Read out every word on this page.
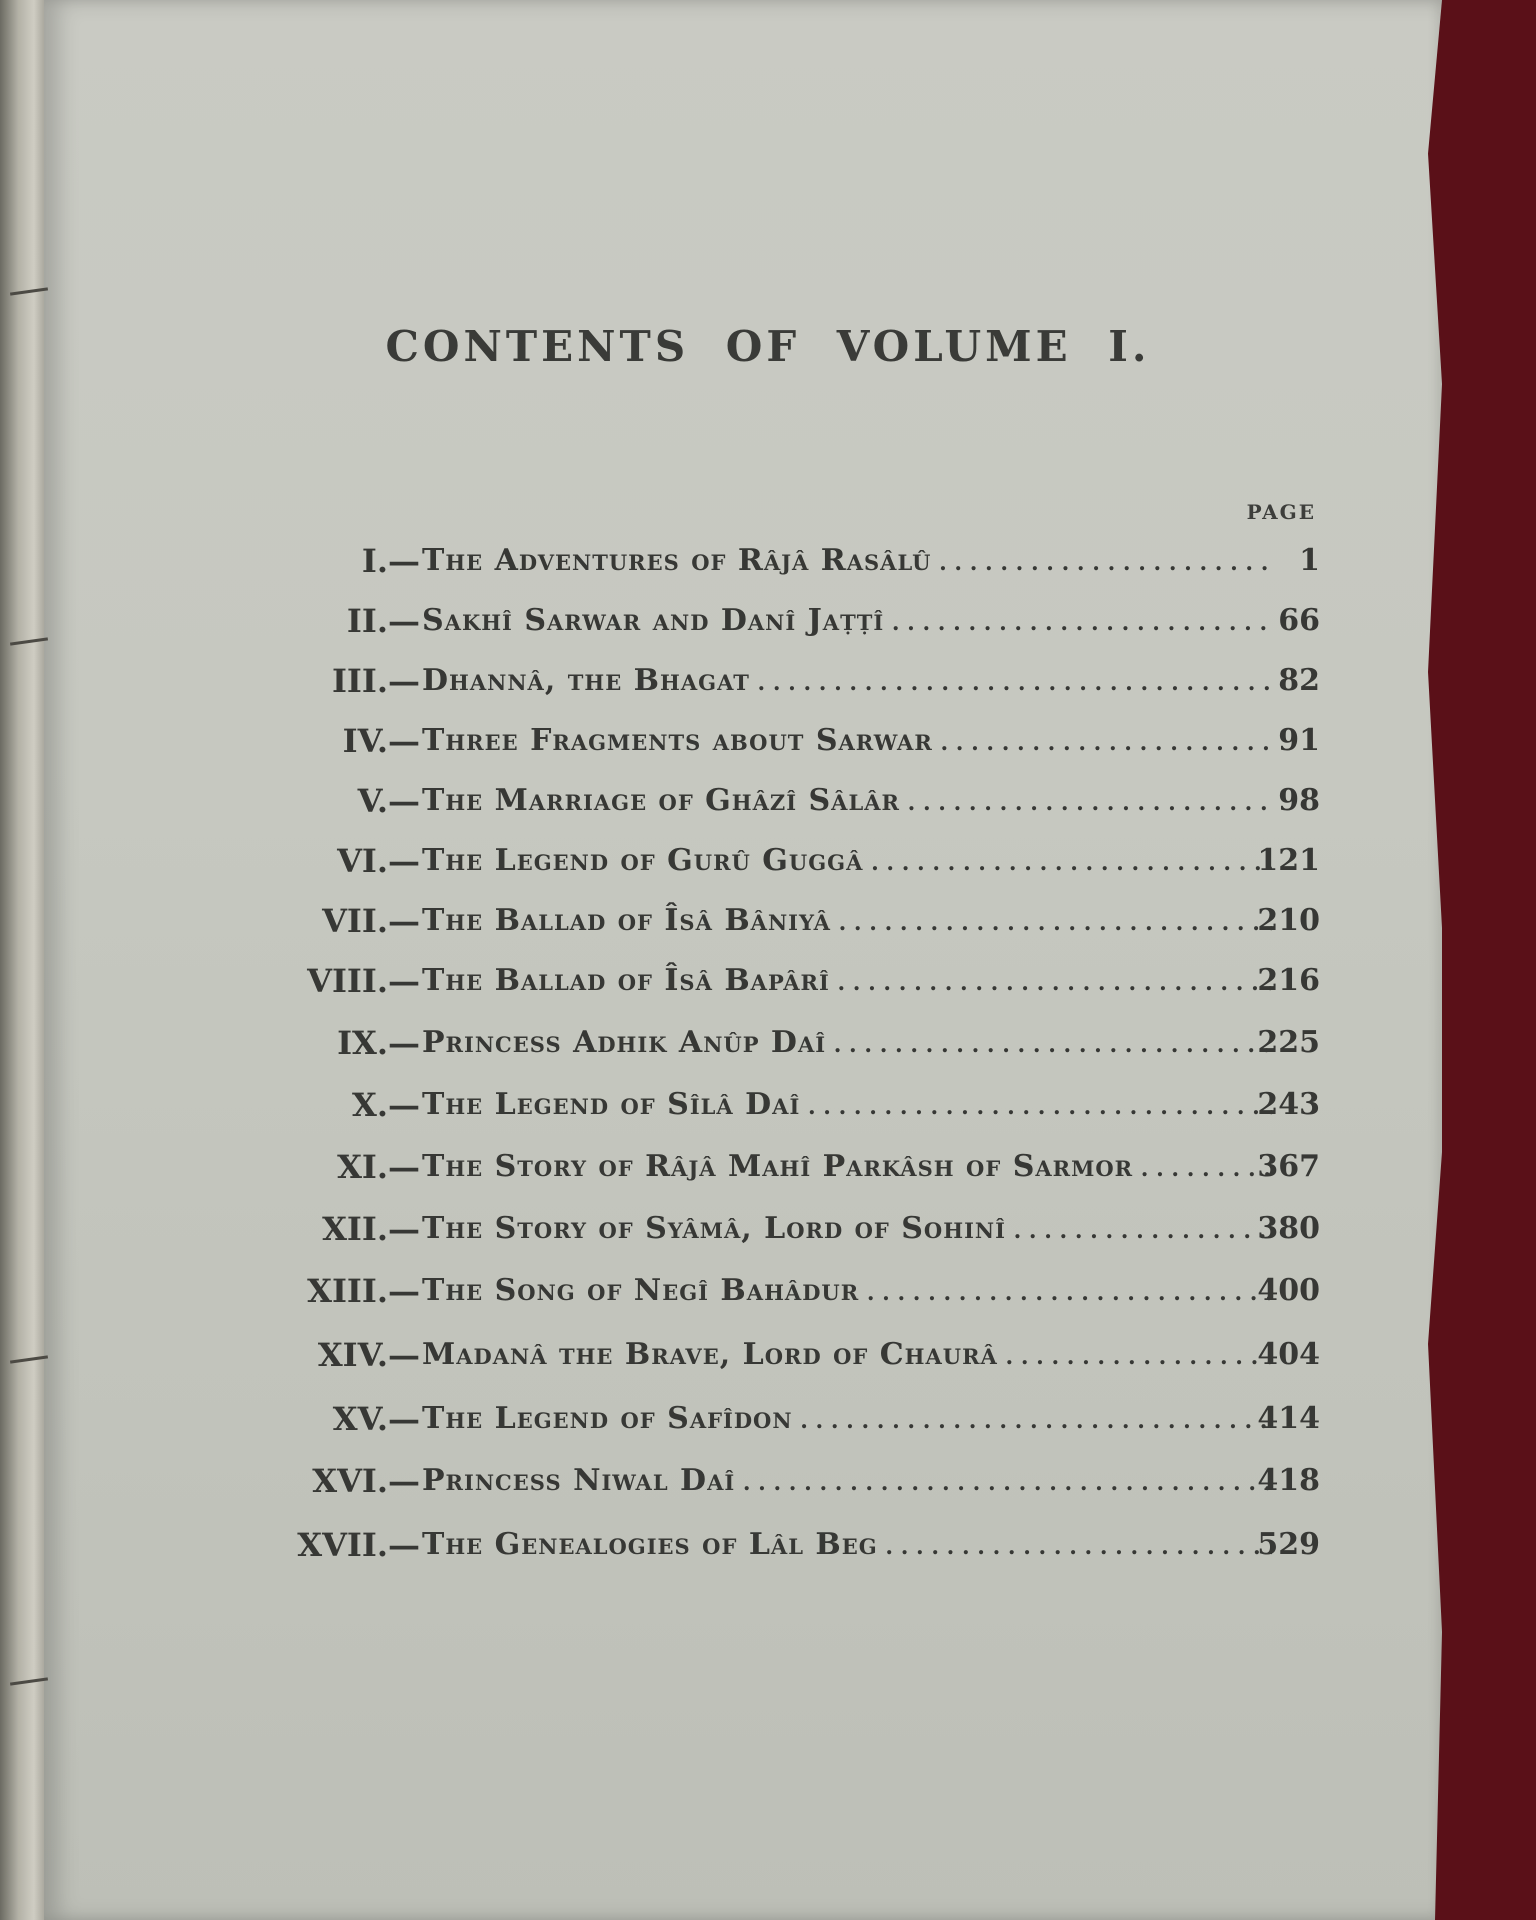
CONTENTS OF VOLUME I.
PAGE
I.— The Adventures of Râjâ Rasâlû . . .	1
II.— Sakhî Sarwar and Danî Jaṭṭî . . .	66
III.— Dhannâ, the Bhagat . . .	82
IV.— Three Fragments about Sarwar . . .	91
V.— The Marriage of Ghâzî Sâlâr . . .	98
VI.— The Legend of Gurû Guggâ . . .	121
VII.— The Ballad of Îsâ Bâniyâ . . .	210
VIII.— The Ballad of Îsâ Bapârî . . .	216
IX.— Princess Adhik Anûp Daî . . .	225
X.— The Legend of Sîlâ Daî . . .	243
XI.— The Story of Râjâ Mahî Parkâsh of Sarmor . . .	367
XII.— The Story of Syâmâ, Lord of Sohinî . . .	380
XIII.— The Song of Negî Bahâdur . . .	400
XIV.— Madanâ the Brave, Lord of Chaurâ . . .	404
XV.— The Legend of Safîdon . . .	414
XVI.— Princess Niwal Daî . . .	418
XVII.— The Genealogies of Lâl Beg . . .	529
